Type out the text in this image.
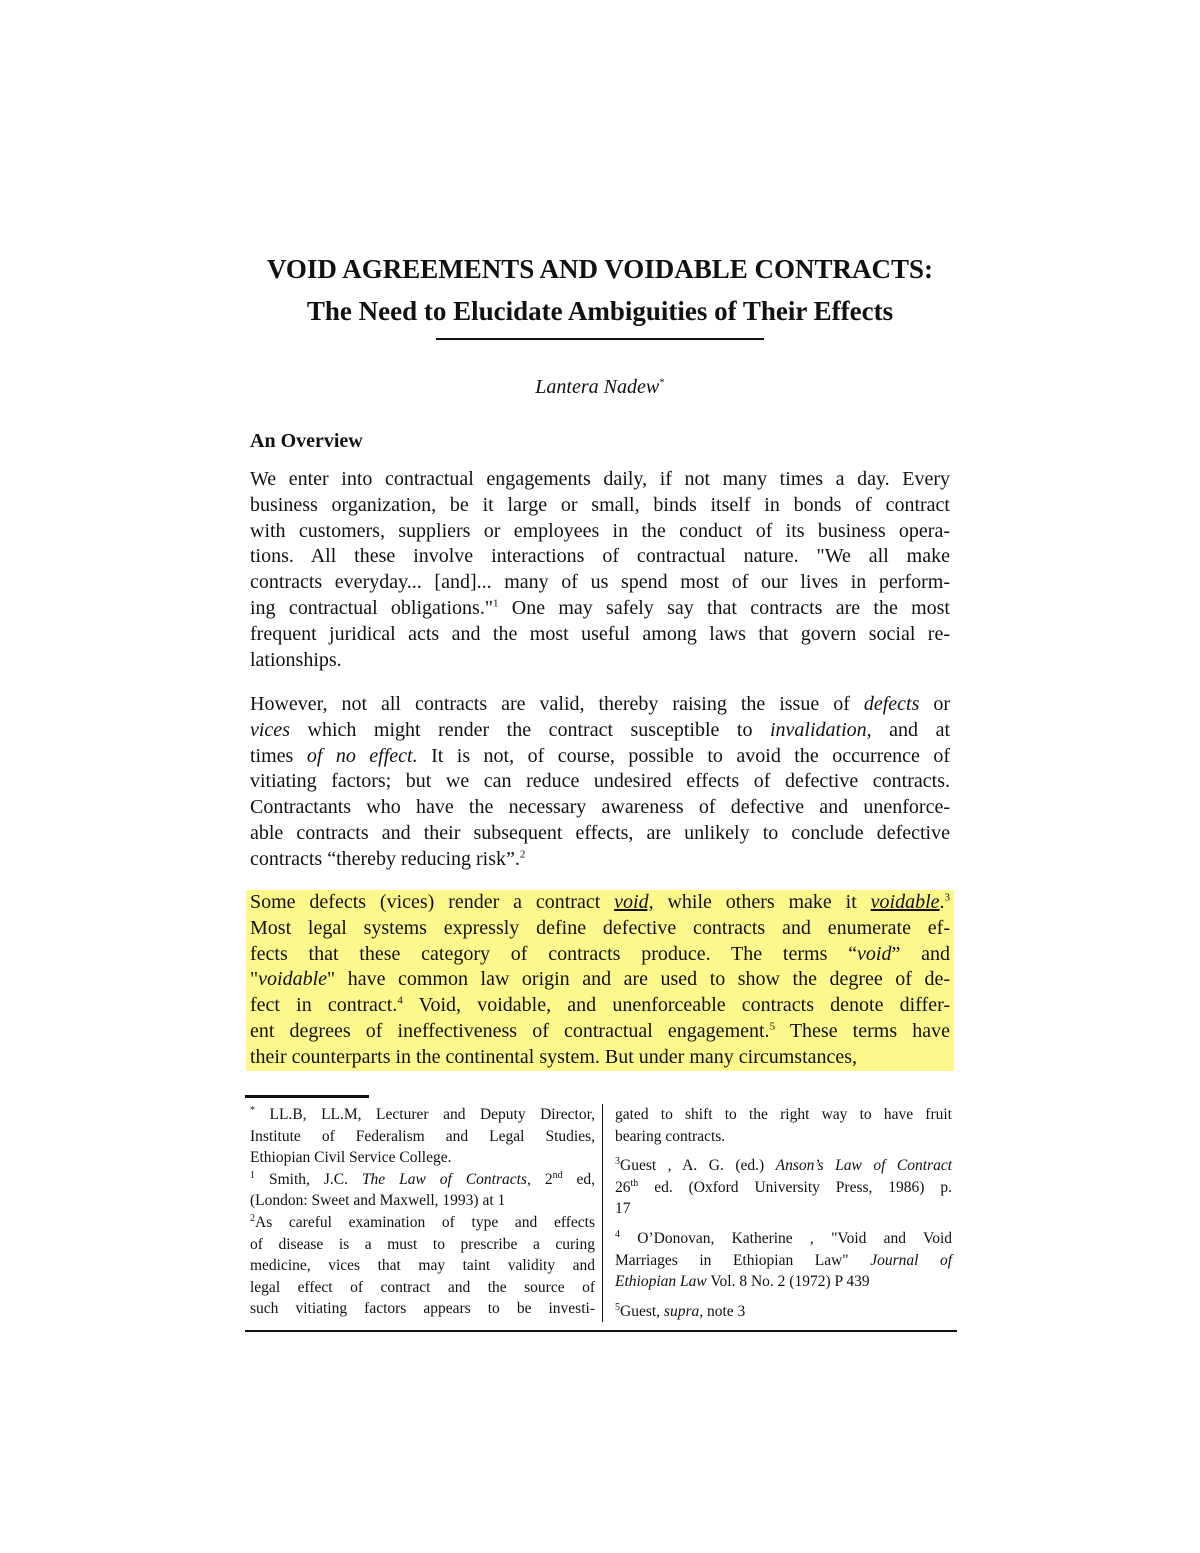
VOID AGREEMENTS AND VOIDABLE CONTRACTS:
The Need to Elucidate Ambiguities of Their Effects
Lantera Nadew*
An Overview
We enter into contractual engagements daily, if not many times a day. Every
business organization, be it large or small, binds itself in bonds of contract
with customers, suppliers or employees in the conduct of its business opera-
tions. All these involve interactions of contractual nature. "We all make
contracts everyday... [and]... many of us spend most of our lives in perform-
ing contractual obligations."$^1$ One may safely say that contracts are the most
frequent juridical acts and the most useful among laws that govern social re-
lationships.
However, not all contracts are valid, thereby raising the issue of defects or
vices which might render the contract susceptible to invalidation, and at
times of no effect. It is not, of course, possible to avoid the occurrence of
vitiating factors; but we can reduce undesired effects of defective contracts.
Contractants who have the necessary awareness of defective and unenforce-
able contracts and their subsequent effects, are unlikely to conclude defective
contracts “thereby reducing risk”.$^2$
Some defects (vices) render a contract void, while others make it voidable.$^3$
Most legal systems expressly define defective contracts and enumerate ef-
fects that these category of contracts produce. The terms “void” and
"voidable" have common law origin and are used to show the degree of de-
fect in contract.$^4$ Void, voidable, and unenforceable contracts denote differ-
ent degrees of ineffectiveness of contractual engagement.$^5$ These terms have
their counterparts in the continental system. But under many circumstances,
* LL.B, LL.M, Lecturer and Deputy Director,
Institute of Federalism and Legal Studies,
Ethiopian Civil Service College.
$^1$ Smith, J.C. The Law of Contracts, 2nd ed,
(London: Sweet and Maxwell, 1993) at 1
$^2$As careful examination of type and effects
of disease is a must to prescribe a curing
medicine, vices that may taint validity and
legal effect of contract and the source of
such vitiating factors appears to be investi-
gated to shift to the right way to have fruit
bearing contracts.
$^3$Guest , A. G. (ed.) Anson’s Law of Contract
26th ed. (Oxford University Press, 1986) p.
17
$^4$ O’Donovan, Katherine , "Void and Void
Marriages in Ethiopian Law" Journal of
Ethiopian Law Vol. 8 No. 2 (1972) P 439
$^5$Guest, supra, note 3
